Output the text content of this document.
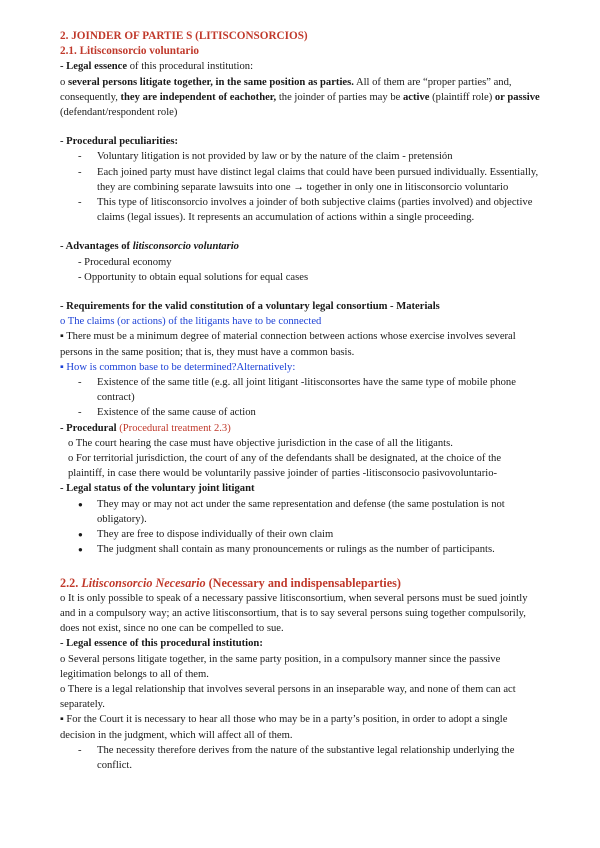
2. JOINDER OF PARTIE S (LITISCONSORCIOS)

2.1. Litisconsorcio voluntario

- Legal essence of this procedural institution:

o several persons litigate together, in the same position as parties. All of them are “proper parties” and, consequently, they are independent of eachother, the joinder of parties may be active (plaintiff role) or passive (defendant/respondent role)

- Procedural peculiarities:

- Voluntary litigation is not provided by law or by the nature of the claim - pretensión
- Each joined party must have distinct legal claims that could have been pursued individually. Essentially, they are combining separate lawsuits into one → together in only one in litisconsorcio voluntario
- This type of litisconsorcio involves a joinder of both subjective claims (parties involved) and objective claims (legal issues). It represents an accumulation of actions within a single proceeding.

- Advantages of litisconsorcio voluntario

- Procedural economy

- Opportunity to obtain equal solutions for equal cases

- Requirements for the valid constitution of a voluntary legal consortium - Materials

o The claims (or actions) of the litigants have to be connected

▪ There must be a minimum degree of material connection between actions whose exercise involves several persons in the same position; that is, they must have a common basis.

▪ How is common base to be determined?Alternatively:

- Existence of the same title (e.g. all joint litigant -litisconsortes have the same type of mobile phone contract)
- Existence of the same cause of action

- Procedural (Procedural treatment 2.3)

o The court hearing the case must have objective jurisdiction in the case of all the litigants.

o For territorial jurisdiction, the court of any of the defendants shall be designated, at the choice of the plaintiff, in case there would be voluntarily passive joinder of parties -litisconsocio pasivovoluntario-

- Legal status of the voluntary joint litigant

● They may or may not act under the same representation and defense (the same postulation is not obligatory).
● They are free to dispose individually of their own claim
● The judgment shall contain as many pronouncements or rulings as the number of participants.

2.2. Litisconsorcio Necesario (Necessary and indispensableparties)

o It is only possible to speak of a necessary passive litisconsortium, when several persons must be sued jointly and in a compulsory way; an active litisconsortium, that is to say several persons suing together compulsorily, does not exist, since no one can be compelled to sue.

- Legal essence of this procedural institution:

o Several persons litigate together, in the same party position, in a compulsory manner since the passive legitimation belongs to all of them.

o There is a legal relationship that involves several persons in an inseparable way, and none of them can act separately.

▪ For the Court it is necessary to hear all those who may be in a party’s position, in order to adopt a single decision in the judgment, which will affect all of them.

- The necessity therefore derives from the nature of the substantive legal relationship underlying the conflict.
